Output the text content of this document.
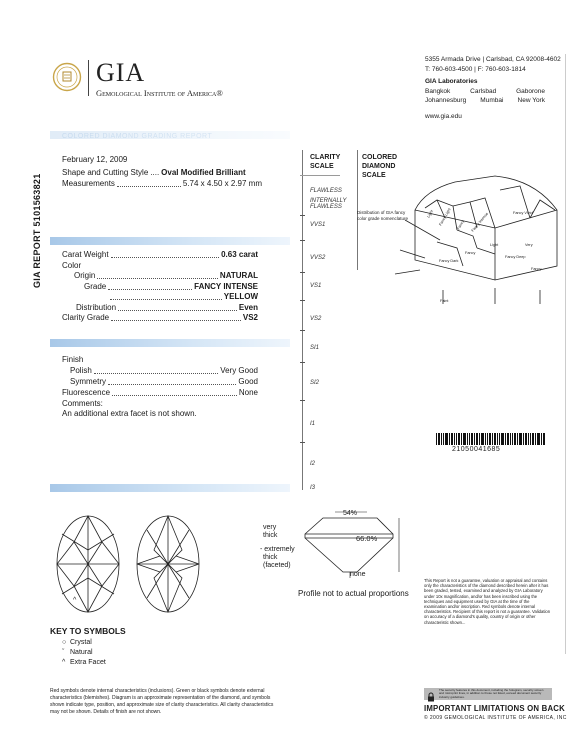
GIA
Gemological Institute of America®
5355 Armada Drive | Carlsbad, CA 92008-4602
T: 760-603-4500 | F: 760-603-1814
GIA Laboratories
Bangkok	Carlsbad	Gaborone
Johannesburg Mumbai New York
www.gia.edu
COLORED DIAMOND GRADING REPORT
GIA REPORT 5101563821
February 12, 2009
Shape and Cutting Style .... Oval Modified Brilliant
Measurements	5.74 x 4.50 x 2.97 mm
Carat Weight	0.63 carat
Color
Origin	NATURAL
Grade	FANCY INTENSE
YELLOW
Distribution	Even
Clarity Grade	VS2
Finish
Polish	Very Good
Symmetry	Good
Fluorescence	None
Comments:
An additional extra facet is not shown.
CLARITY
SCALE
FLAWLESS
INTERNALLY FLAWLESS
VVS1
VVS2
VS1
VS2
SI1
SI2
I1
I2
I3
COLORED
DIAMOND
SCALE
Distribution of GIA fancy color grade nomenclature	Light Fancy Light Fancy Fancy Intense	Fancy Vivid
Fancy
Fancy Deep
Fancy Dark
Faint
Very
Light
Fancy
21050041685
^
54%
66.0%
very
thick
- extremely
thick
(faceted)
none
Profile not to actual proportions
KEY TO SYMBOLS
○ Crystal
ˇ Natural
^ Extra Facet
Red symbols denote internal characteristics (inclusions). Green or black symbols denote external characteristics (blemishes). Diagram is an approximate representation of the diamond, and symbols shown indicate type, position, and approximate size of clarity characteristics. All clarity characteristics may not be shown. Details of finish are not shown.
This Report is not a guarantee, valuation or appraisal and contains only the characteristics of the diamond described herein after it has been graded, tested, examined and analyzed by GIA Laboratory under 10x magnification, and/or has been inscribed using the techniques and equipment used by GIA at the time of the examination and/or inscription. Red symbols denote internal characteristics. Recipient of this report is not a guarantee. Validation on accuracy of a diamond's quality, country of origin or other characteristic shown...
The security features in this document, including the hologram, security screen and microprint lines, in addition to those not listed, exceed document security industry guidelines.
IMPORTANT LIMITATIONS ON BACK
© 2009 GEMOLOGICAL INSTITUTE OF AMERICA, INC
